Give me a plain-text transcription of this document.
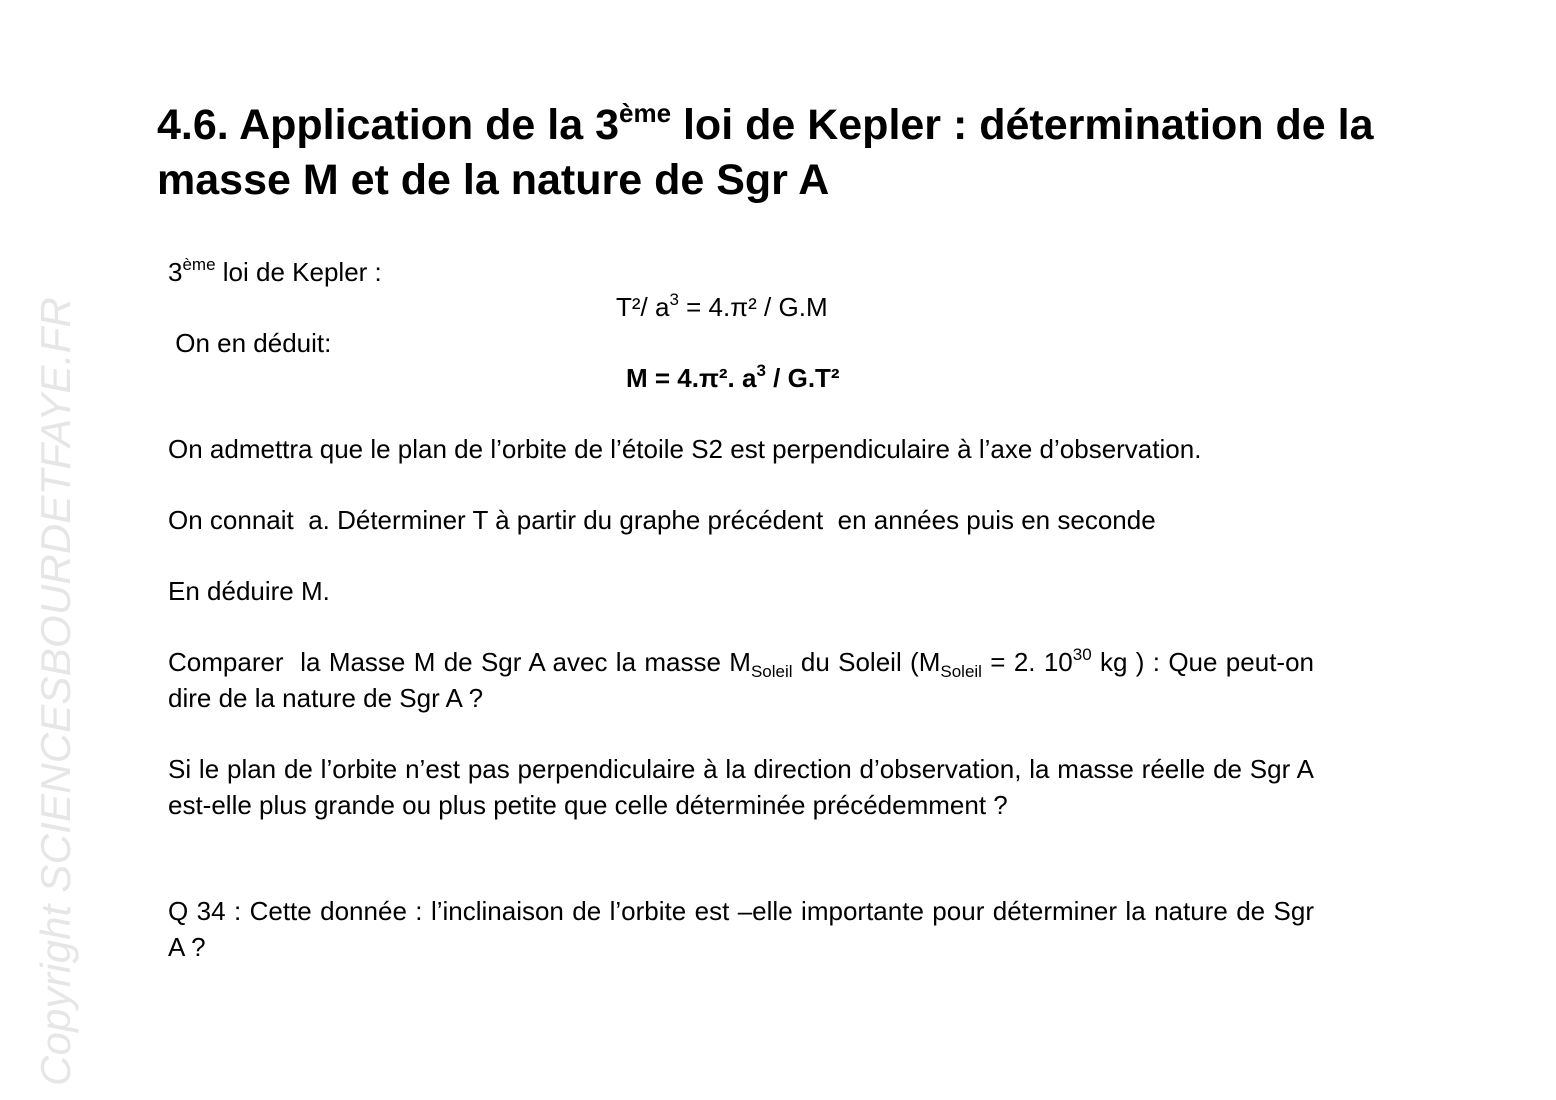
Copyright SCIENCESBOURDETFAYE.FR
4.6. Application de la 3ème loi de Kepler : détermination de la masse M et de la nature de Sgr A

3ème loi de Kepler :

T²/ $a^3 = 4.\pi^2 / G.M$

On en déduit:

M = 4.π². $a^3 / G.T^2$

On admettra que le plan de l’orbite de l’étoile S2 est perpendiculaire à l’axe d’observation.

On connait  a. Déterminer T à partir du graphe précédent  en années puis en seconde

En déduire M.

Comparer  la Masse M de Sgr A avec la masse $M_{Soleil}$ du Soleil ($M_{Soleil} = 2$. $10^{30}$ kg ) : Que peut-on dire de la nature de Sgr A ?

Si le plan de l’orbite n’est pas perpendiculaire à la direction d’observation, la masse réelle de Sgr A est-elle plus grande ou plus petite que celle déterminée précédemment ?

Q 34 : Cette donnée : l’inclinaison de l’orbite est –elle importante pour déterminer la nature de Sgr A ?
